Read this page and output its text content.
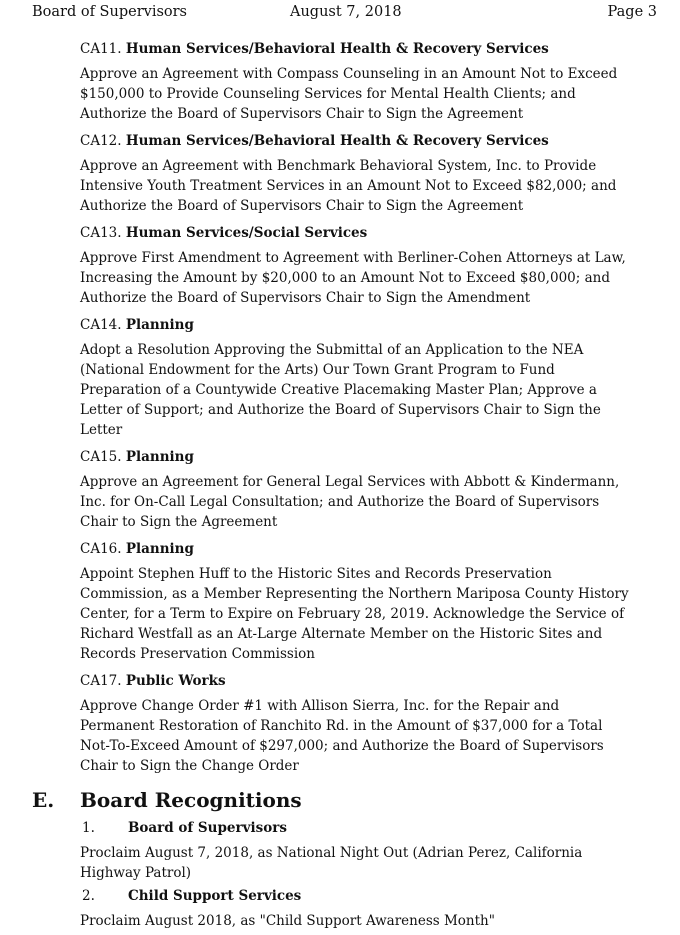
Board of Supervisors	August 7, 2018	Page 3
CA11. Human Services/Behavioral Health & Recovery Services
Approve an Agreement with Compass Counseling in an Amount Not to Exceed
$150,000 to Provide Counseling Services for Mental Health Clients; and
Authorize the Board of Supervisors Chair to Sign the Agreement
CA12. Human Services/Behavioral Health & Recovery Services
Approve an Agreement with Benchmark Behavioral System, Inc. to Provide
Intensive Youth Treatment Services in an Amount Not to Exceed $82,000; and
Authorize the Board of Supervisors Chair to Sign the Agreement
CA13. Human Services/Social Services
Approve First Amendment to Agreement with Berliner-Cohen Attorneys at Law,
Increasing the Amount by $20,000 to an Amount Not to Exceed $80,000; and
Authorize the Board of Supervisors Chair to Sign the Amendment
CA14. Planning
Adopt a Resolution Approving the Submittal of an Application to the NEA
(National Endowment for the Arts) Our Town Grant Program to Fund
Preparation of a Countywide Creative Placemaking Master Plan; Approve a
Letter of Support; and Authorize the Board of Supervisors Chair to Sign the
Letter
CA15. Planning
Approve an Agreement for General Legal Services with Abbott & Kindermann,
Inc. for On-Call Legal Consultation; and Authorize the Board of Supervisors
Chair to Sign the Agreement
CA16. Planning
Appoint Stephen Huff to the Historic Sites and Records Preservation
Commission, as a Member Representing the Northern Mariposa County History
Center, for a Term to Expire on February 28, 2019. Acknowledge the Service of
Richard Westfall as an At-Large Alternate Member on the Historic Sites and
Records Preservation Commission
CA17. Public Works
Approve Change Order #1 with Allison Sierra, Inc. for the Repair and
Permanent Restoration of Ranchito Rd. in the Amount of $37,000 for a Total
Not-To-Exceed Amount of $297,000; and Authorize the Board of Supervisors
Chair to Sign the Change Order
E. Board Recognitions
1. Board of Supervisors
Proclaim August 7, 2018, as National Night Out (Adrian Perez, California
Highway Patrol)
2. Child Support Services
Proclaim August 2018, as "Child Support Awareness Month"
